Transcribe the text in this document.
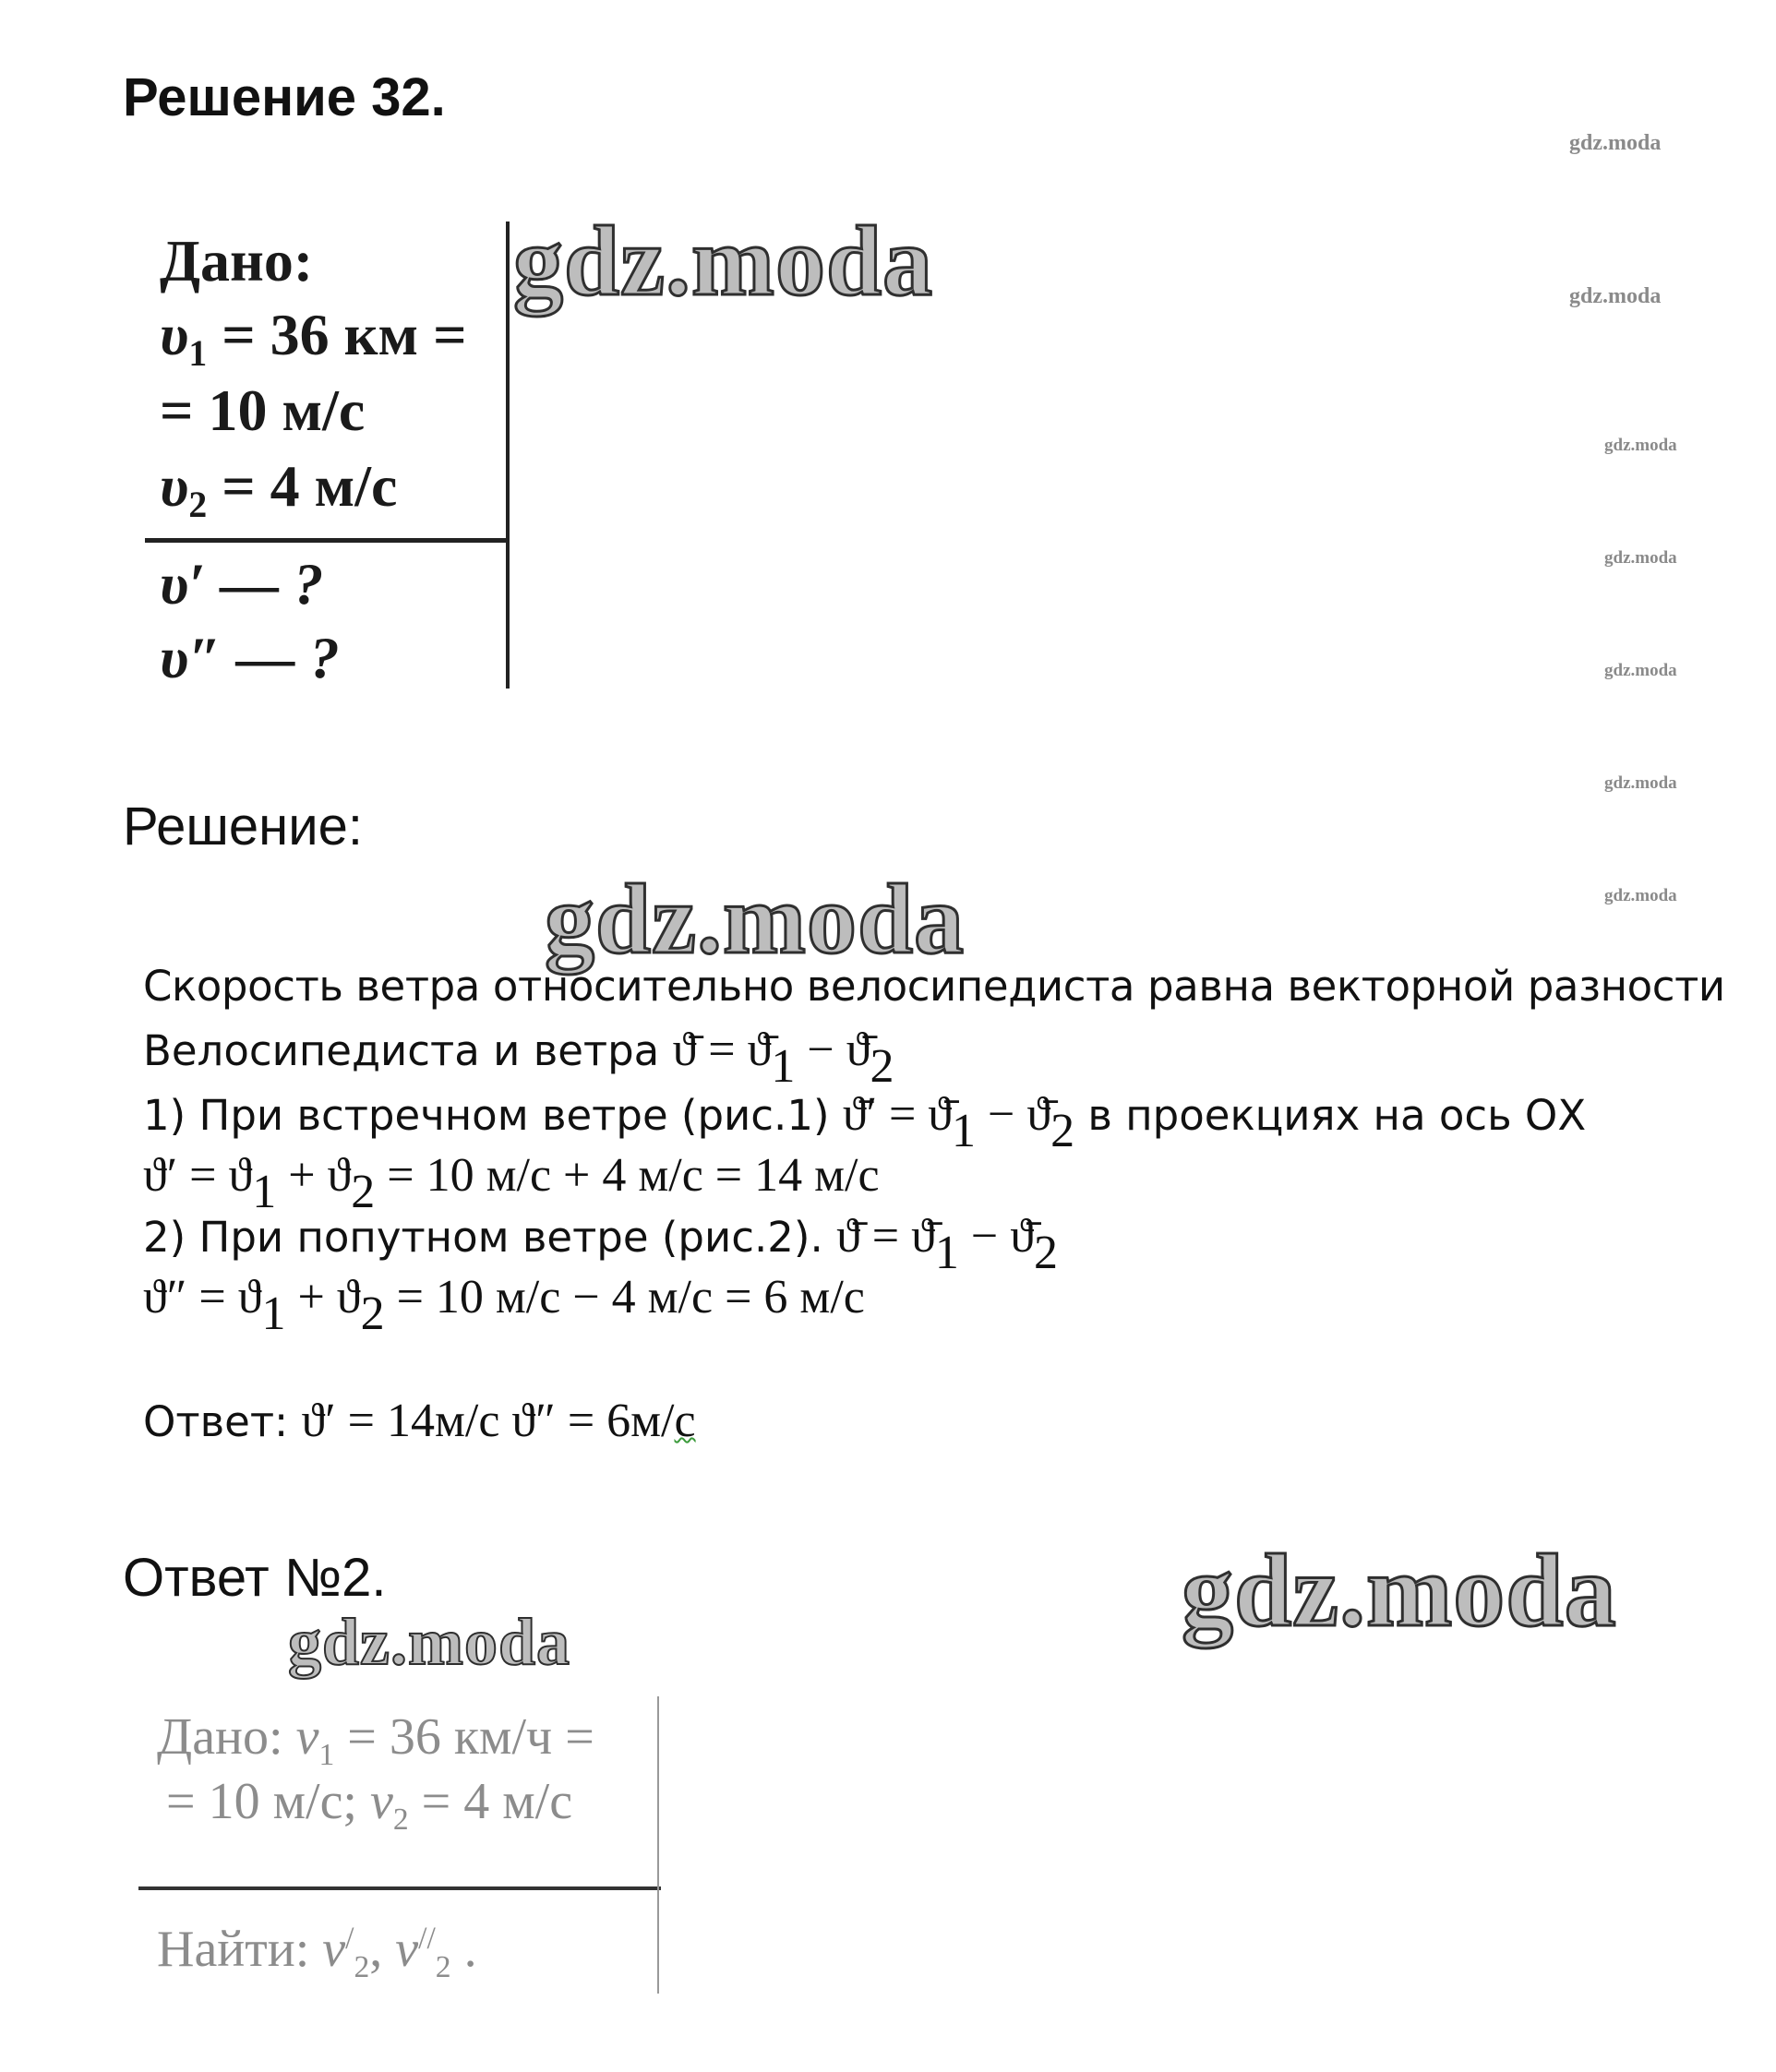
Решение 32.
gdz.moda
gdz.moda
gdz.moda
gdz.moda
gdz.moda
gdz.moda
gdz.moda
Дано:
$\upsilon_1 = 36$ км =
= 10 м/с
$\upsilon_2 = 4$ м/с
υ′ — ?
υ″ — ?
gdz.moda
Решение:
gdz.moda
Скорость ветра относительно велосипедиста равна векторной разности
Велосипедиста и ветра ϑ̄ = $ϑ̄_1$ − $ϑ̄_2$
1) При встречном ветре (рис.1) ϑ̄′ = $ϑ̄_1$ − $ϑ̄_2$ в проекциях на ось ОХ
$ϑ' = ϑ_1 + ϑ_2 = 10$ м/с + 4 м/с = 14 м/с
2) При попутном ветре (рис.2). ϑ̄ = $ϑ̄_1$ − $ϑ̄_2$
$ϑ'' = ϑ_1 + ϑ_2 = 10$ м/с − 4 м/с = 6 м/с
Ответ: ϑ′ = 14м/с ϑ″ = 6м/с
Ответ №2.	gdz.moda
gdz.moda
Дано: $v_1 = 36$ км/ч =
= 10 м/с; $v_2 = 4$ м/с
Найти: $v^/_2$, $v^{//}_2$ .
